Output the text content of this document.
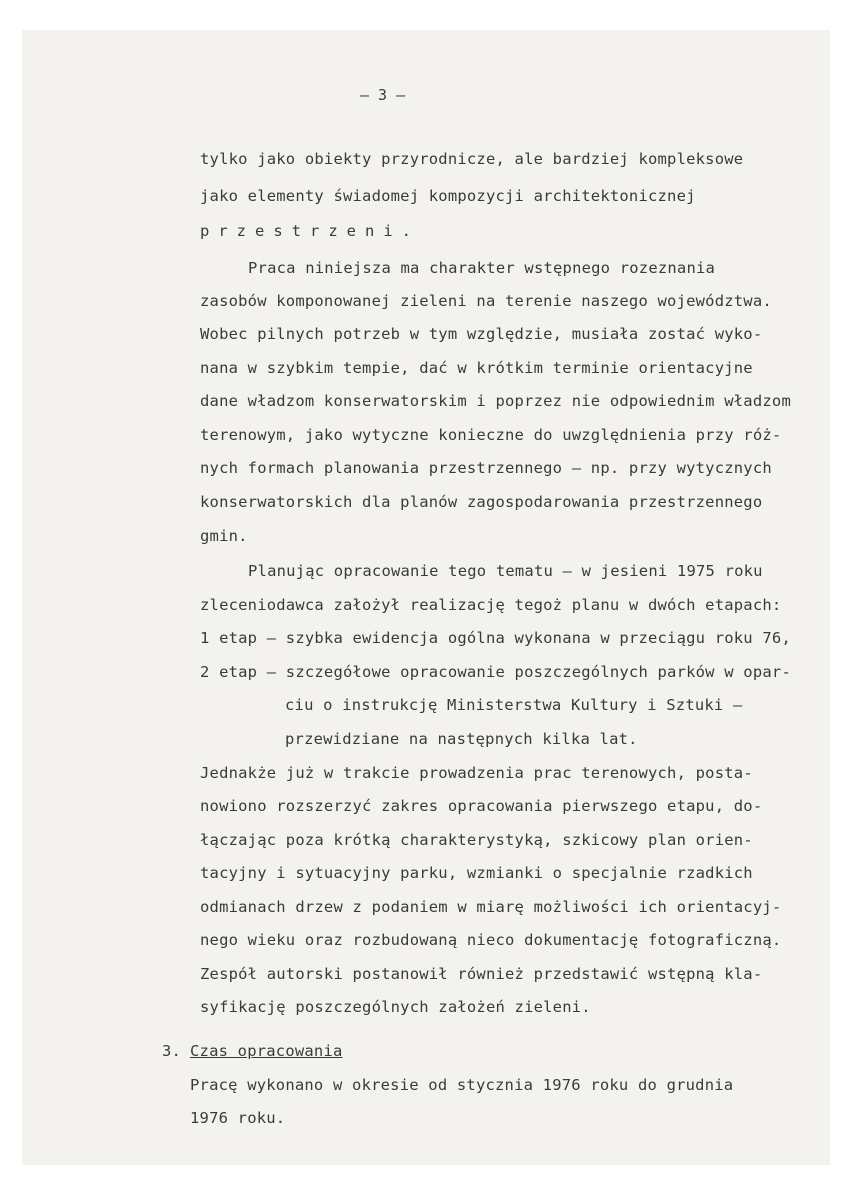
— 3 —
tylko jako obiekty przyrodnicze, ale bardziej kompleksowe
jako elementy świadomej kompozycji architektonicznej
przestrzeni.
Praca niniejsza ma charakter wstępnego rozeznania
zasobów komponowanej zieleni na terenie naszego województwa.
Wobec pilnych potrzeb w tym względzie, musiała zostać wyko-
nana w szybkim tempie, dać w krótkim terminie orientacyjne
dane władzom konserwatorskim i poprzez nie odpowiednim władzom
terenowym, jako wytyczne konieczne do uwzględnienia przy róż-
nych formach planowania przestrzennego – np. przy wytycznych
konserwatorskich dla planów zagospodarowania przestrzennego
gmin.
Planując opracowanie tego tematu – w jesieni 1975 roku
zleceniodawca założył realizację tegoż planu w dwóch etapach:
1 etap – szybka ewidencja ogólna wykonana w przeciągu roku 76,
2 etap – szczegółowe opracowanie poszczególnych parków w opar-
ciu o instrukcję Ministerstwa Kultury i Sztuki –
przewidziane na następnych kilka lat.
Jednakże już w trakcie prowadzenia prac terenowych, posta-
nowiono rozszerzyć zakres opracowania pierwszego etapu, do-
łączając poza krótką charakterystyką, szkicowy plan orien-
tacyjny i sytuacyjny parku, wzmianki o specjalnie rzadkich
odmianach drzew z podaniem w miarę możliwości ich orientacyj-
nego wieku oraz rozbudowaną nieco dokumentację fotograficzną.
Zespół autorski postanowił również przedstawić wstępną kla-
syfikację poszczególnych założeń zieleni.
3. Czas opracowania
Pracę wykonano w okresie od stycznia 1976 roku do grudnia
1976 roku.
